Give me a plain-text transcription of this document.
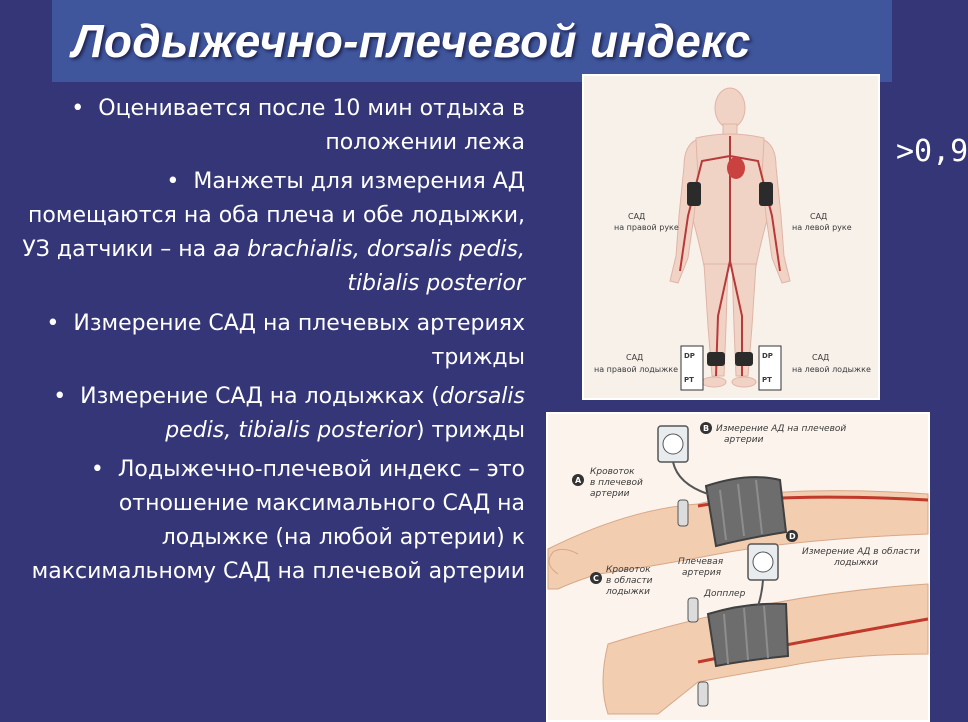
Лодыжечно-плечевой индекс
•  Оценивается после 10 мин отдыха в положении лежа
•  Манжеты для измерения АД помещаются на оба плеча и обе лодыжки, УЗ датчики – на aa brachialis, dorsalis pedis, tibialis posterior
•  Измерение САД на плечевых артериях трижды
•  Измерение САД на лодыжках (dorsalis pedis, tibialis posterior) трижды
•  Лодыжечно-плечевой индекс – это отношение максимального САД на лодыжке (на любой артерии) к максимальному САД на плечевой артерии

>0,9

DP
PT
DP
PT
САД
на правой руке
САД
на левой руке
САД
на правой лодыжке
САД
на левой лодыжке
B
A
C
D
Измерение АД на плечевой
артерии
Кровоток
в плечевой
артерии
Кровоток
в области
лодыжки
Плечевая
артерия
Измерение АД в области
лодыжки
Допплер
